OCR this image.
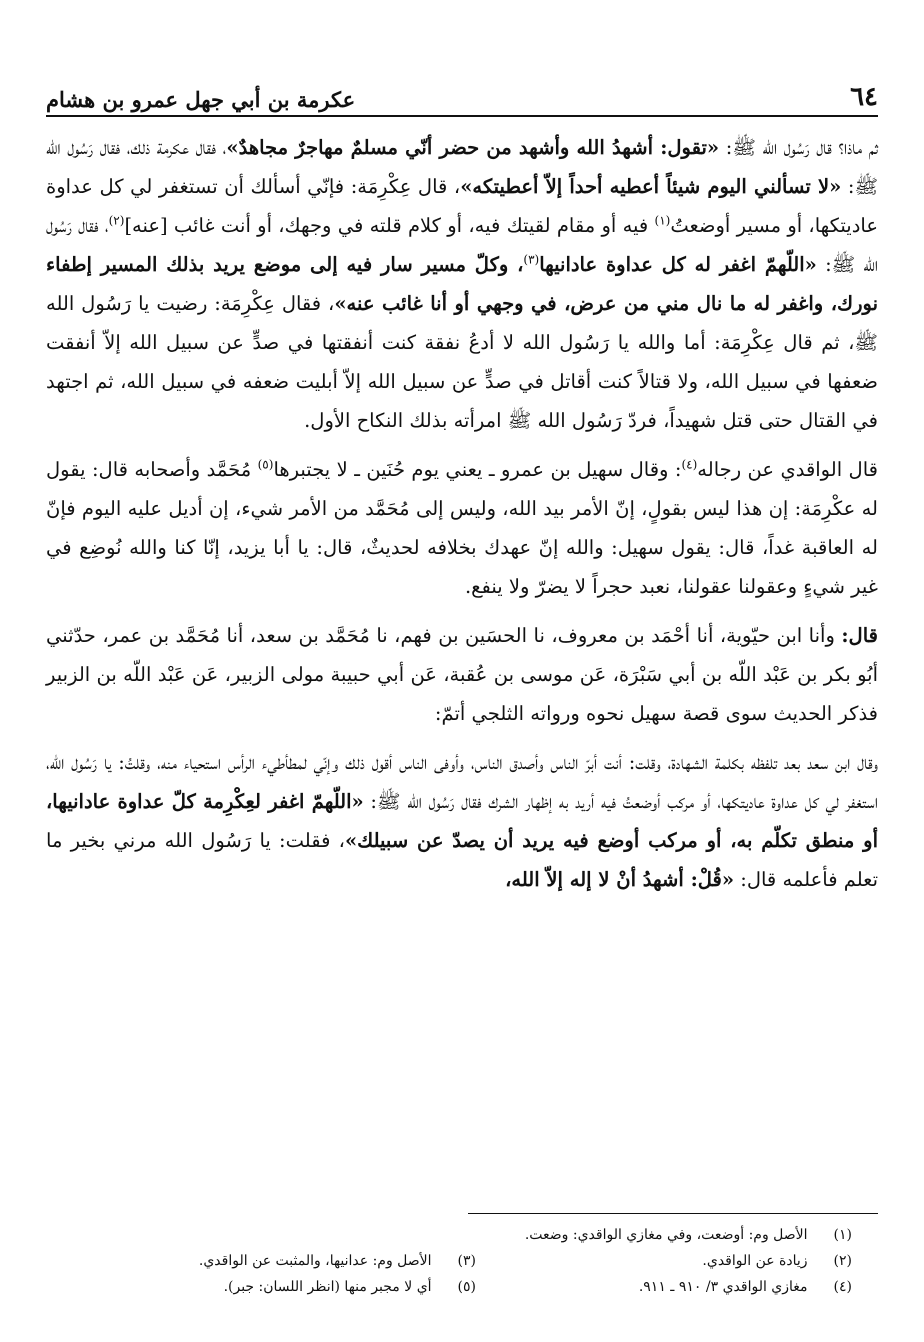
٦٤
عكرمة بن أبي جهل عمرو بن هشام

ثم ماذا؟ قال رَسُول الله ﷺ: «تقول: أشهدُ الله وأشهد من حضر أنّي مسلمٌ مهاجرٌ مجاهدٌ»، فقال عكرمة ذلك، فقال رَسُول الله ﷺ: «لا تسألني اليوم شيئاً أعطيه أحداً إلاّ أعطيتكه»، قال عِكْرِمَة: فإنّي أسألك أن تستغفر لي كل عداوة عاديتكها، أو مسير أوضعتُ$^{(١)}$ فيه أو مقام لقيتك فيه، أو كلام قلته في وجهك، أو أنت غائب [عنه]$^{(٢)}$، فقال رَسُول الله ﷺ: «اللّهمّ اغفر له كل عداوة عادانيها$^{(٣)}$، وكلّ مسير سار فيه إلى موضع يريد بذلك المسير إطفاء نورك، واغفر له ما نال مني من عرض، في وجهي أو أنا غائب عنه»، فقال عِكْرِمَة: رضيت يا رَسُول الله ﷺ، ثم قال عِكْرِمَة: أما والله يا رَسُول الله لا أدعُ نفقة كنت أنفقتها في صدٍّ عن سبيل الله إلاّ أنفقت ضعفها في سبيل الله، ولا قتالاً كنت أقاتل في صدٍّ عن سبيل الله إلاّ أبليت ضعفه في سبيل الله، ثم اجتهد في القتال حتى قتل شهيداً، فردّ رَسُول الله ﷺ امرأته بذلك النكاح الأول.

قال الواقدي عن رجاله$^{(٤)}$: وقال سهيل بن عمرو ـ يعني يوم حُنَين ـ لا يجتبرها$^{(٥)}$ مُحَمَّد وأصحابه قال: يقول له عكْرِمَة: إن هذا ليس بقولٍ، إنّ الأمر بيد الله، وليس إلى مُحَمَّد من الأمر شيء، إن أديل عليه اليوم فإنّ له العاقبة غداً، قال: يقول سهيل: والله إنّ عهدك بخلافه لحديثٌ، قال: يا أبا يزيد، إنّا كنا والله نُوضِع في غير شيءٍ وعقولنا عقولنا، نعبد حجراً لا يضرّ ولا ينفع.

قال: وأنا ابن حيّوية، أنا أحْمَد بن معروف، نا الحسَين بن فهم، نا مُحَمَّد بن سعد، أنا مُحَمَّد بن عمر، حدّثني أبُو بكر بن عَبْد اللّه بن أبي سَبْرَة، عَن موسى بن عُقبة، عَن أبي حبيبة مولى الزبير، عَن عَبْد اللّه بن الزبير فذكر الحديث سوى قصة سهيل نحوه ورواته الثلجي أتمّ:

وقال ابن سعد بعد تلفظه بكلمة الشهادة، وقلت: أنت أبرّ الناس وأصدق الناس، وأوفى الناس أقول ذلك وإنّي لمطأطيء الرأس استحياء منه، وقلتُ: يا رَسُول الله، استغفر لي كل عداوة عاديتكها، أو مركب أوضعتُ فيه أريد به إظهار الشرك فقال رَسُول الله ﷺ: «اللّهمّ اغفر لعِكْرِمة كلّ عداوة عادانيها، أو منطق تكلّم به، أو مركب أوضع فيه يريد أن يصدّ عن سبيلك»، فقلت: يا رَسُول الله مرني بخير ما تعلم فأعلمه قال: «قُلْ: أشهدُ أنْ لا إله إلاّ الله،

(١) الأصل وم: أوضعت، وفي مغازي الواقدي: وضعت.
(٢) زيادة عن الواقدي.
(٣) الأصل وم: عدانيها، والمثبت عن الواقدي.
(٤) مغازي الواقدي ٣/ ٩١٠ ـ ٩١١.
(٥) أي لا مجبر منها (انظر اللسان: جبر).
